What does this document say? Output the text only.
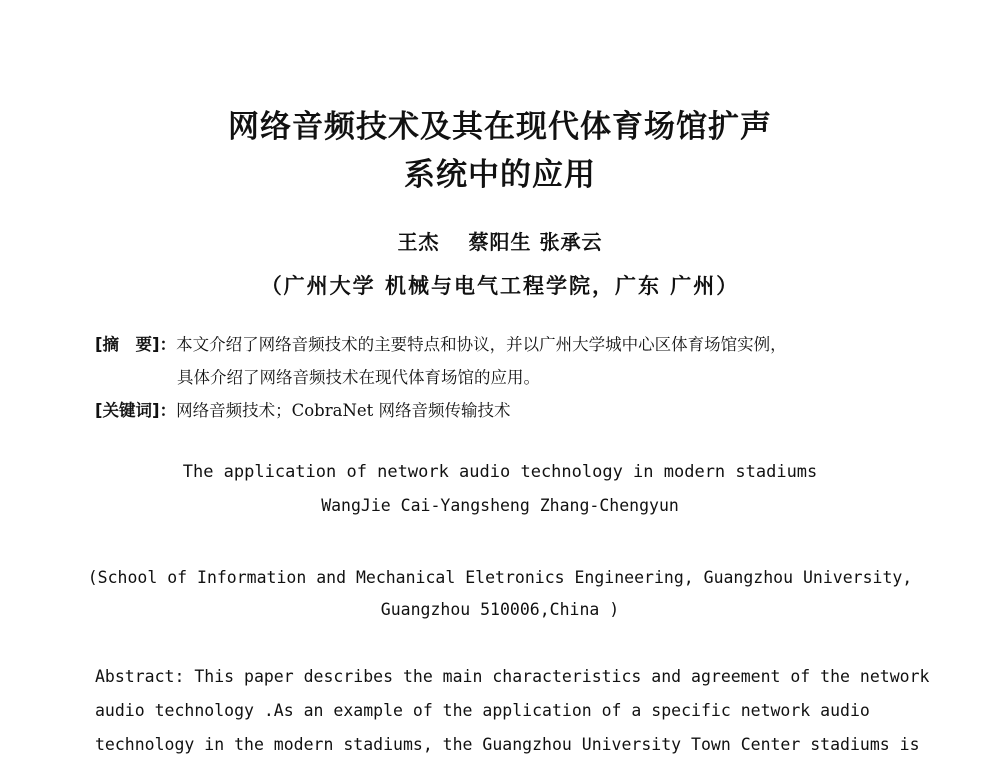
网络音频技术及其在现代体育场馆扩声
系统中的应用
王杰　 蔡阳生 张承云
（广州大学 机械与电气工程学院，广东 广州）
[摘　要]：本文介绍了网络音频技术的主要特点和协议，并以广州大学城中心区体育场馆实例，
具体介绍了网络音频技术在现代体育场馆的应用。
[关键词]：网络音频技术；CobraNet 网络音频传输技术
The application of network audio technology in modern stadiums
WangJie Cai-Yangsheng Zhang-Chengyun
(School of Information and Mechanical Eletronics Engineering, Guangzhou University,
Guangzhou 510006,China )
Abstract: This paper describes the main characteristics and agreement of the network
audio technology .As an example of the application of a specific network audio
technology in the modern stadiums, the Guangzhou University Town Center stadiums is
